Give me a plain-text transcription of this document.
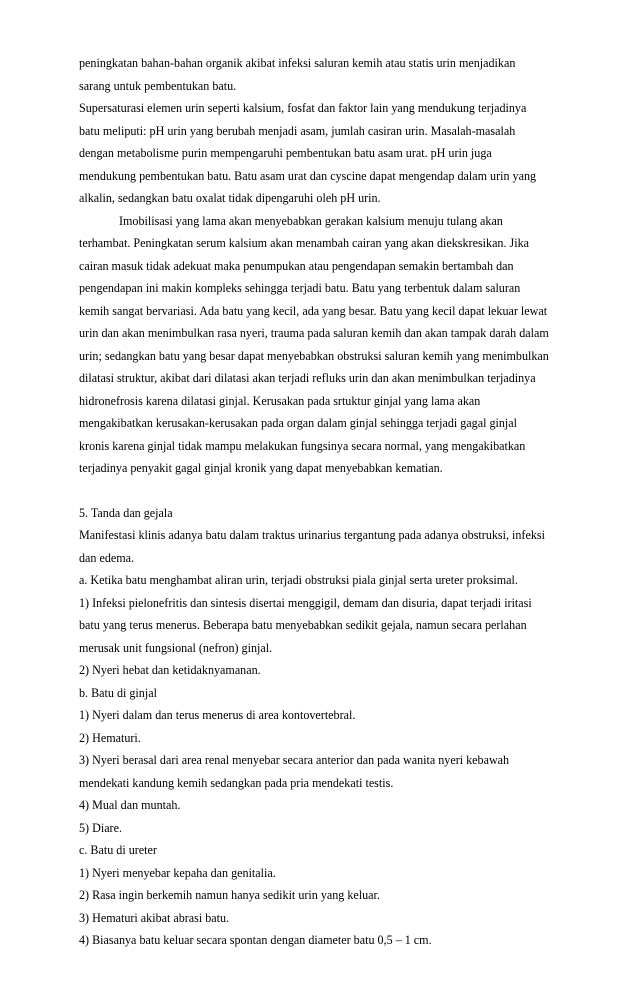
peningkatan bahan-bahan organik akibat infeksi saluran kemih atau statis urin menjadikan
sarang untuk pembentukan batu.
Supersaturasi elemen urin seperti kalsium, fosfat dan faktor lain yang mendukung terjadinya
batu meliputi: pH urin yang berubah menjadi asam, jumlah casiran urin. Masalah-masalah
dengan metabolisme purin mempengaruhi pembentukan batu asam urat. pH urin juga
mendukung pembentukan batu. Batu asam urat dan cyscine dapat mengendap dalam urin yang
alkalin, sedangkan batu oxalat tidak dipengaruhi oleh pH urin.
Imobilisasi yang lama akan menyebabkan gerakan kalsium menuju tulang akan
terhambat. Peningkatan serum kalsium akan menambah cairan yang akan diekskresikan. Jika
cairan masuk tidak adekuat maka penumpukan atau pengendapan semakin bertambah dan
pengendapan ini makin kompleks sehingga terjadi batu. Batu yang terbentuk dalam saluran
kemih sangat bervariasi. Ada batu yang kecil, ada yang besar. Batu yang kecil dapat lekuar lewat
urin dan akan menimbulkan rasa nyeri, trauma pada saluran kemih dan akan tampak darah dalam
urin; sedangkan batu yang besar dapat menyebabkan obstruksi saluran kemih yang menimbulkan
dilatasi struktur, akibat dari dilatasi akan terjadi refluks urin dan akan menimbulkan terjadinya
hidronefrosis karena dilatasi ginjal. Kerusakan pada srtuktur ginjal yang lama akan
mengakibatkan kerusakan-kerusakan pada organ dalam ginjal sehingga terjadi gagal ginjal
kronis karena ginjal tidak mampu melakukan fungsinya secara normal, yang mengakibatkan
terjadinya penyakit gagal ginjal kronik yang dapat menyebabkan kematian.
5. Tanda dan gejala
Manifestasi klinis adanya batu dalam traktus urinarius tergantung pada adanya obstruksi, infeksi
dan edema.
a. Ketika batu menghambat aliran urin, terjadi obstruksi piala ginjal serta ureter proksimal.
1) Infeksi pielonefritis dan sintesis disertai menggigil, demam dan disuria, dapat terjadi iritasi
batu yang terus menerus. Beberapa batu menyebabkan sedikit gejala, namun secara perlahan
merusak unit fungsional (nefron) ginjal.
2) Nyeri hebat dan ketidaknyamanan.
b. Batu di ginjal
1) Nyeri dalam dan terus menerus di area kontovertebral.
2) Hematuri.
3) Nyeri berasal dari area renal menyebar secara anterior dan pada wanita nyeri kebawah
mendekati kandung kemih sedangkan pada pria mendekati testis.
4) Mual dan muntah.
5) Diare.
c. Batu di ureter
1) Nyeri menyebar kepaha dan genitalia.
2) Rasa ingin berkemih namun hanya sedikit urin yang keluar.
3) Hematuri akibat abrasi batu.
4) Biasanya batu keluar secara spontan dengan diameter batu 0,5 – 1 cm.
